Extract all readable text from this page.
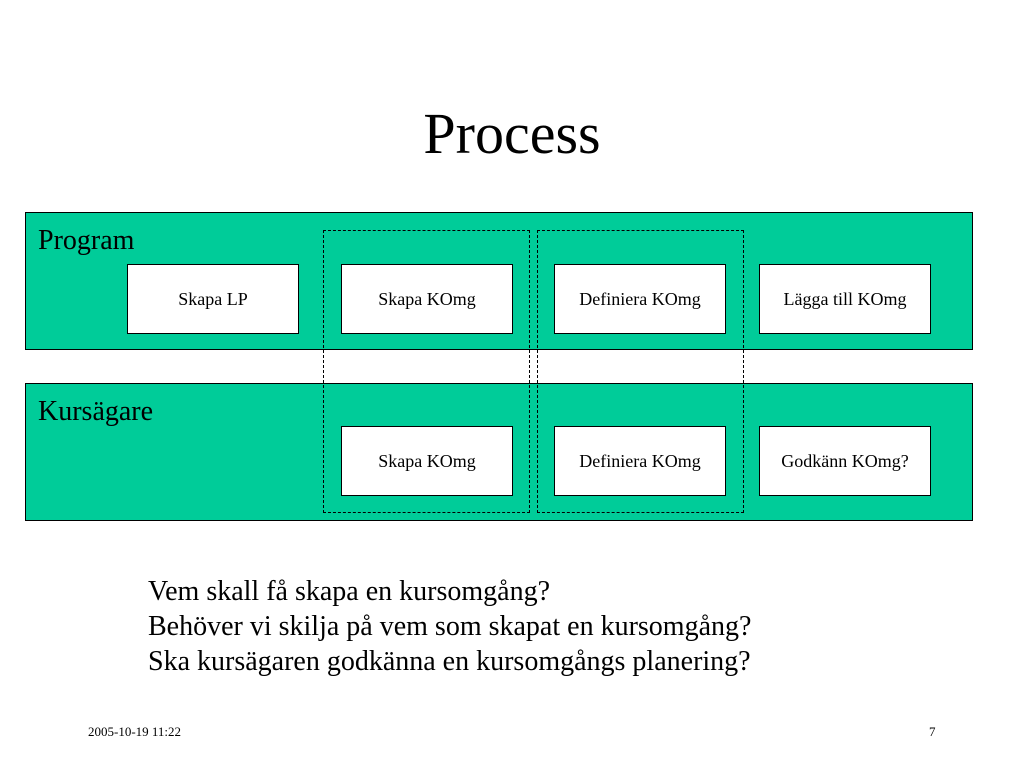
Process
Program
Kursägare
Skapa LP	Skapa KOmg	Definiera KOmg	Lägga till KOmg
Skapa KOmg	Definiera KOmg	Godkänn KOmg?
Vem skall få skapa en kursomgång?
Behöver vi skilja på vem som skapat en kursomgång?
Ska kursägaren godkänna en kursomgångs planering?
2005-10-19 11:22	7
